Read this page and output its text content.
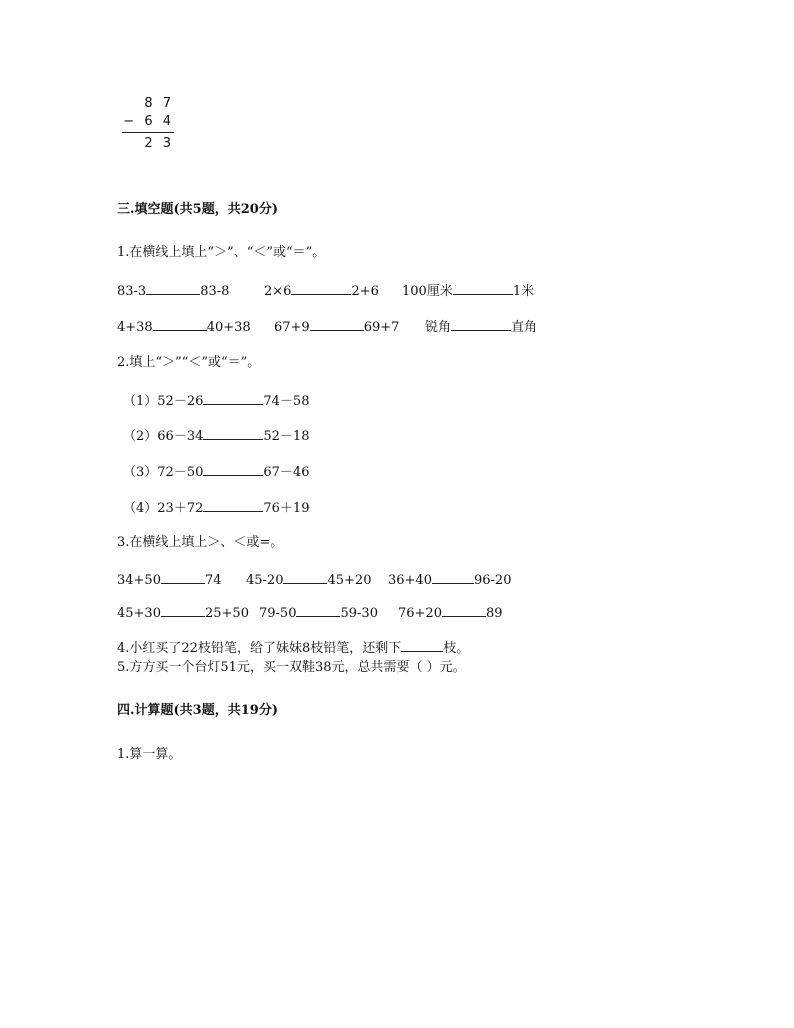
8 7
− 6 4
2 3
三.填空题(共5题，共20分)
1.在横线上填上“＞”、“＜”或“＝”。
83-3	83-8	2×6	2+6 100厘米	1米
4+38	40+38 67+9	69+7 锐角	直角
2.填上“＞”“＜”或“＝”。
（1）52－26	74－58
（2）66－34	52－18
（3）72－50	67－46
（4）23＋72	76＋19
3.在横线上填上＞、＜或=。
34+50	74 45-20	45+20 36+40	96-20
45+30	25+50 79-50	59-30 76+20	89
4.小红买了22枝铅笔，给了妹妹8枝铅笔，还剩下	枝。
5.方方买一个台灯51元，买一双鞋38元，总共需要（ ）元。
四.计算题(共3题，共19分)
1.算一算。
